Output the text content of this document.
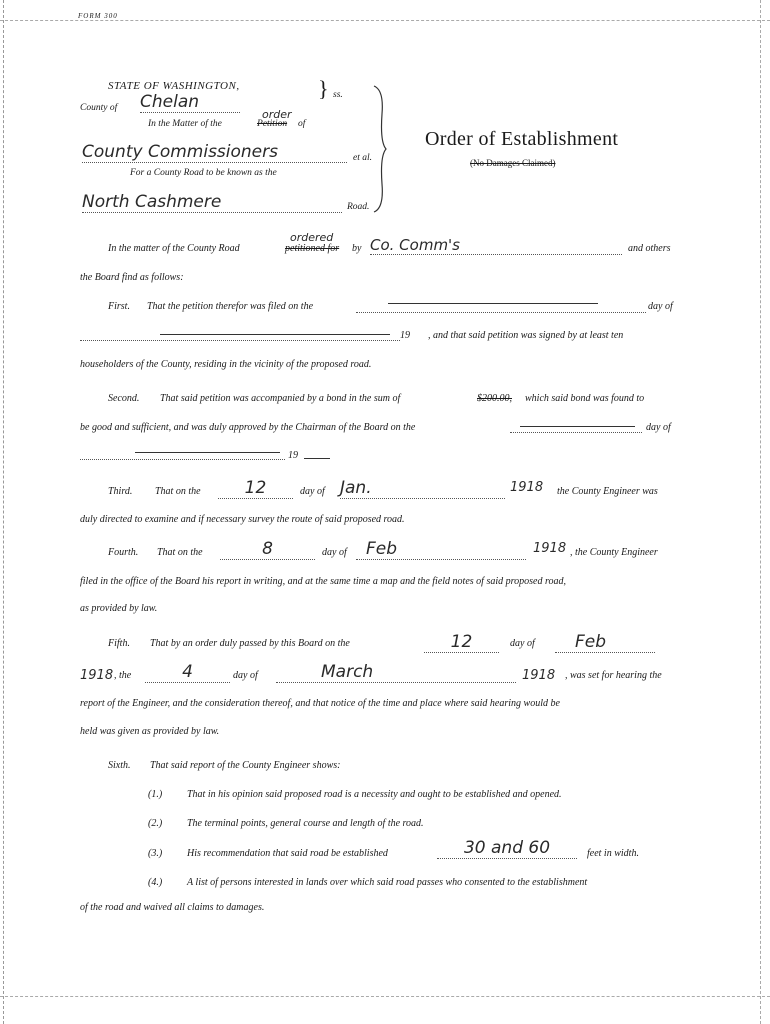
FORM 300
STATE OF WASHINGTON,	} ss.
County of Chelan
In the Matter of the	Petition
order
of
County Commissioners	et al.
For a County Road to be known as the
North Cashmere	Road.
Order of Establishment
(No Damages Claimed)
In the matter of the County Road	petitioned for
ordered
by Co. Comm's	and others
the Board find as follows:
First. That the petition therefor was filed on the	day of
19 , and that said petition was signed by at least ten
householders of the County, residing in the vicinity of the proposed road.
Second. That said petition was accompanied by a bond in the sum of	$200.00, which said bond was found to
be good and sufficient, and was duly approved by the Chairman of the Board on the	day of
19
Third. That on the	12	day of Jan.	1918 the County Engineer was
duly directed to examine and if necessary survey the route of said proposed road.
Fourth. That on the	8	day of	Feb	1918 , the County Engineer
filed in the office of the Board his report in writing, and at the same time a map and the field notes of said proposed road,
as provided by law.
Fifth. That by an order duly passed by this Board on the	12	day of	Feb
1918 , the	4	day of	March	1918 , was set for hearing the
report of the Engineer, and the consideration thereof, and that notice of the time and place where said hearing would be
held was given as provided by law.
Sixth. That said report of the County Engineer shows:
(1.) That in his opinion said proposed road is a necessity and ought to be established and opened.
(2.) The terminal points, general course and length of the road.
(3.) His recommendation that said road be established	30 and 60	feet in width.
(4.) A list of persons interested in lands over which said road passes who consented to the establishment
of the road and waived all claims to damages.
